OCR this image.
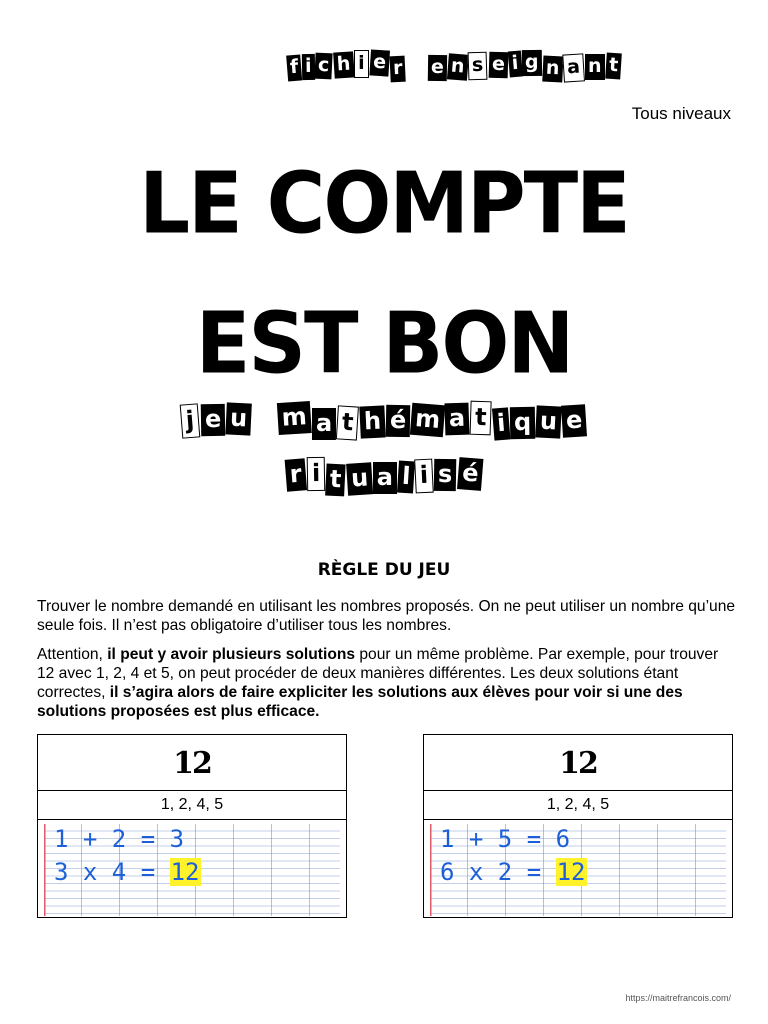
f i c h i e r e n s e i g n a n t
Tous niveaux
LE COMPTE
EST BON
j e u m a t h é m a t i q u e
r i t u a l i s é
RÈGLE DU JEU
Trouver le nombre demandé en utilisant les nombres proposés. On ne peut utiliser un nombre qu’une seule fois. Il n’est pas obligatoire d’utiliser tous les nombres.
Attention, il peut y avoir plusieurs solutions pour un même problème. Par exemple, pour trouver 12 avec 1, 2, 4 et 5, on peut procéder de deux manières différentes. Les deux solutions étant correctes, il s’agira alors de faire expliciter les solutions aux élèves pour voir si une des solutions proposées est plus efficace.
12
1, 2, 4, 5
1 + 2 = 3
3 x 4 = 12
12
1, 2, 4, 5
1 + 5 = 6
6 x 2 = 12
https://maitrefrancois.com/
